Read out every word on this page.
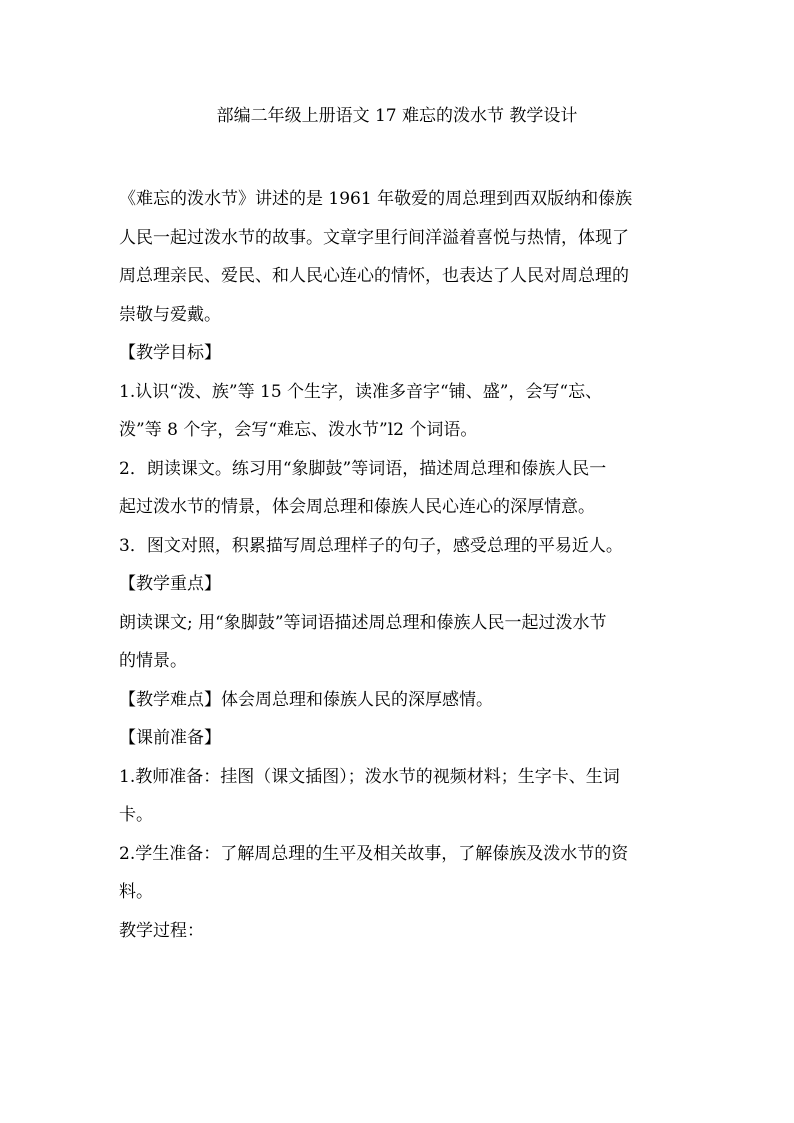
部编二年级上册语文 17 难忘的泼水节 教学设计
《难忘的泼水节》讲述的是 1961 年敬爱的周总理到西双版纳和傣族
人民一起过泼水节的故事。文章字里行间洋溢着喜悦与热情，体现了
周总理亲民、爱民、和人民心连心的情怀，也表达了人民对周总理的
崇敬与爱戴。
【教学目标】
1.认识“泼、族”等 15 个生字，读准多音字“铺、盛”，会写“忘、
泼”等 8 个字，会写“难忘、泼水节”l2 个词语。
2．朗读课文。练习用“象脚鼓”等词语，描述周总理和傣族人民一
起过泼水节的情景，体会周总理和傣族人民心连心的深厚情意。
3．图文对照，积累描写周总理样子的句子，感受总理的平易近人。
【教学重点】
朗读课文; 用“象脚鼓”等词语描述周总理和傣族人民一起过泼水节
的情景。
【教学难点】体会周总理和傣族人民的深厚感情。
【课前准备】
1.教师准备：挂图（课文插图）；泼水节的视频材料；生字卡、生词
卡。
2.学生准备：了解周总理的生平及相关故事，了解傣族及泼水节的资
料。
教学过程：
